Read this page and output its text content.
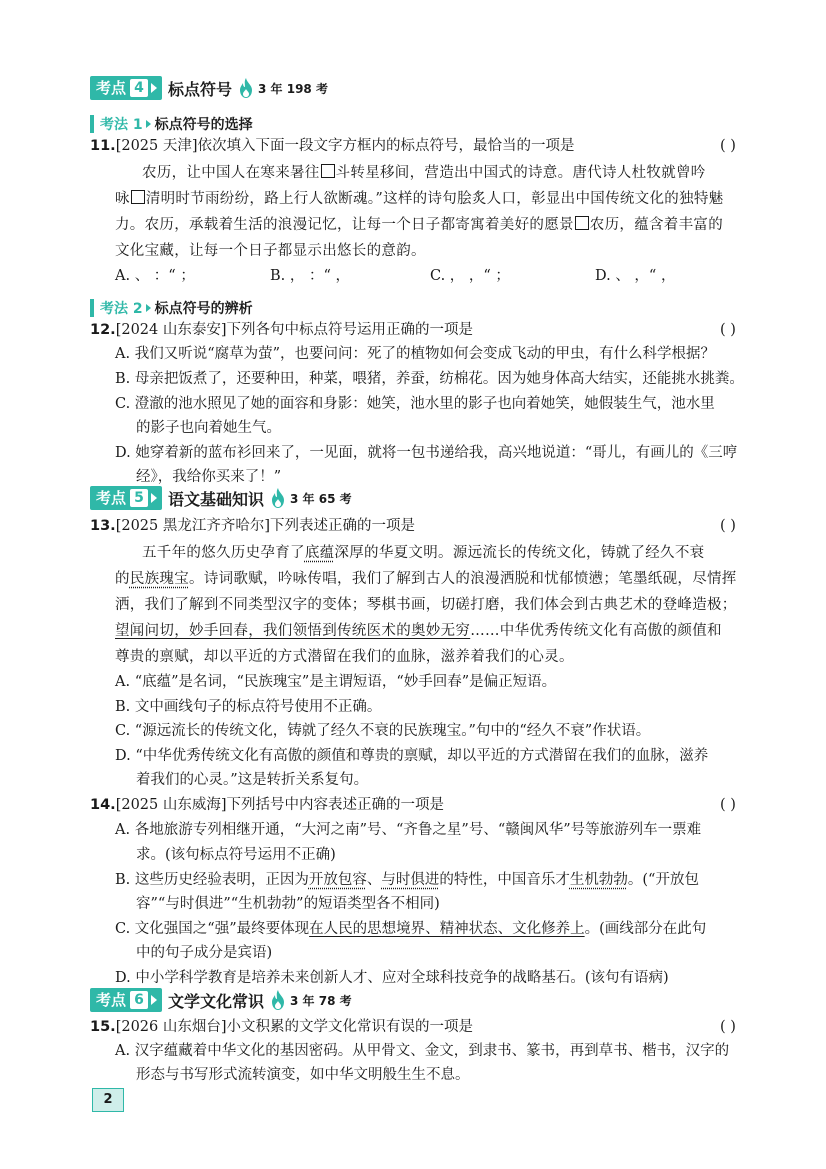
考点 4 标点符号 3 年 198 考
考法 1 标点符号的选择
11.[2025 天津]依次填入下面一段文字方框内的标点符号，最恰当的一项是	( )
农历，让中国人在寒来暑往 斗转星移间，营造出中国式的诗意。唐代诗人杜牧就曾吟
咏 清明时节雨纷纷，路上行人欲断魂。”这样的诗句脍炙人口，彰显出中国传统文化的独特魅
力。农历，承载着生活的浪漫记忆，让每一个日子都寄寓着美好的愿景 农历，蕴含着丰富的
文化宝藏，让每一个日子都显示出悠长的意韵。
A. 、 ：“ ；	B. ， ：“ ，	C. ， ，“ ；	D. 、 ，“ ，
考法 2 标点符号的辨析
12.[2024 山东泰安]下列各句中标点符号运用正确的一项是	( )
A. 我们又听说“腐草为萤”，也要问问：死了的植物如何会变成飞动的甲虫，有什么科学根据？
B. 母亲把饭煮了，还要种田，种菜，喂猪，养蚕，纺棉花。因为她身体高大结实，还能挑水挑粪。
C. 澄澈的池水照见了她的面容和身影：她笑，池水里的影子也向着她笑，她假装生气，池水里
的影子也向着她生气。
D. 她穿着新的蓝布衫回来了，一见面，就将一包书递给我，高兴地说道：“哥儿，有画儿的《三哼
经》，我给你买来了！”
考点 5 语文基础知识 3 年 65 考
13.[2025 黑龙江齐齐哈尔]下列表述正确的一项是	( )
五千年的悠久历史孕育了底蕴深厚的华夏文明。源远流长的传统文化，铸就了经久不衰
的民族瑰宝。诗词歌赋，吟咏传唱，我们了解到古人的浪漫洒脱和忧郁愤懑；笔墨纸砚，尽情挥
洒，我们了解到不同类型汉字的变体；琴棋书画，切磋打磨，我们体会到古典艺术的登峰造极；
望闻问切，妙手回春，我们领悟到传统医术的奥妙无穷……中华优秀传统文化有高傲的颜值和
尊贵的禀赋，却以平近的方式潜留在我们的血脉，滋养着我们的心灵。
A. “底蕴”是名词，“民族瑰宝”是主谓短语，“妙手回春”是偏正短语。
B. 文中画线句子的标点符号使用不正确。
C. “源远流长的传统文化，铸就了经久不衰的民族瑰宝。”句中的“经久不衰”作状语。
D. “中华优秀传统文化有高傲的颜值和尊贵的禀赋，却以平近的方式潜留在我们的血脉，滋养
着我们的心灵。”这是转折关系复句。
14.[2025 山东威海]下列括号中内容表述正确的一项是	( )
A. 各地旅游专列相继开通，“大河之南”号、“齐鲁之星”号、“赣闽风华”号等旅游列车一票难
求。(该句标点符号运用不正确)
B. 这些历史经验表明，正因为开放包容、与时俱进的特性，中国音乐才生机勃勃。(“开放包
容”“与时俱进”“生机勃勃”的短语类型各不相同)
C. 文化强国之“强”最终要体现在人民的思想境界、精神状态、文化修养上。(画线部分在此句
中的句子成分是宾语)
D. 中小学科学教育是培养未来创新人才、应对全球科技竞争的战略基石。(该句有语病)
考点 6 文学文化常识 3 年 78 考
15.[2026 山东烟台]小文积累的文学文化常识有误的一项是	( )
A. 汉字蕴藏着中华文化的基因密码。从甲骨文、金文，到隶书、篆书，再到草书、楷书，汉字的
形态与书写形式流转演变，如中华文明般生生不息。
2
